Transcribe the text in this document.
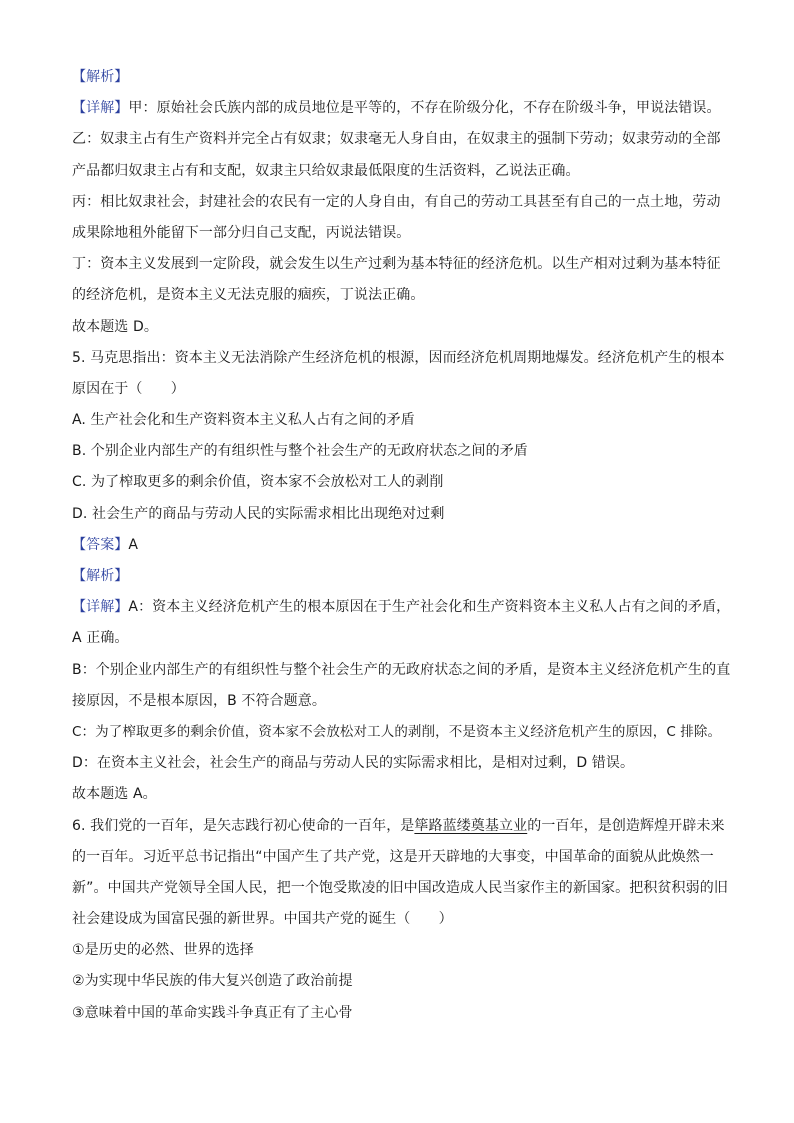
【解析】
【详解】甲：原始社会氏族内部的成员地位是平等的，不存在阶级分化，不存在阶级斗争，甲说法错误。
乙：奴隶主占有生产资料并完全占有奴隶；奴隶毫无人身自由，在奴隶主的强制下劳动；奴隶劳动的全部
产品都归奴隶主占有和支配，奴隶主只给奴隶最低限度的生活资料，乙说法正确。
丙：相比奴隶社会，封建社会的农民有一定的人身自由，有自己的劳动工具甚至有自己的一点土地，劳动
成果除地租外能留下一部分归自己支配，丙说法错误。
丁：资本主义发展到一定阶段，就会发生以生产过剩为基本特征的经济危机。以生产相对过剩为基本特征
的经济危机，是资本主义无法克服的痼疾，丁说法正确。
故本题选 D。
5. 马克思指出：资本主义无法消除产生经济危机的根源，因而经济危机周期地爆发。经济危机产生的根本
原因在于（　　）
A. 生产社会化和生产资料资本主义私人占有之间的矛盾
B. 个别企业内部生产的有组织性与整个社会生产的无政府状态之间的矛盾
C. 为了榨取更多的剩余价值，资本家不会放松对工人的剥削
D. 社会生产的商品与劳动人民的实际需求相比出现绝对过剩
【答案】A
【解析】
【详解】A：资本主义经济危机产生的根本原因在于生产社会化和生产资料资本主义私人占有之间的矛盾，
A 正确。
B：个别企业内部生产的有组织性与整个社会生产的无政府状态之间的矛盾，是资本主义经济危机产生的直
接原因，不是根本原因，B 不符合题意。
C：为了榨取更多的剩余价值，资本家不会放松对工人的剥削，不是资本主义经济危机产生的原因，C 排除。
D：在资本主义社会，社会生产的商品与劳动人民的实际需求相比，是相对过剩，D 错误。
故本题选 A。
6. 我们党的一百年，是矢志践行初心使命的一百年，是筚路蓝缕奠基立业的一百年，是创造辉煌开辟未来
的一百年。习近平总书记指出“中国产生了共产党，这是开天辟地的大事变，中国革命的面貌从此焕然一
新”。中国共产党领导全国人民，把一个饱受欺凌的旧中国改造成人民当家作主的新国家。把积贫积弱的旧
社会建设成为国富民强的新世界。中国共产党的诞生（　　）
①是历史的必然、世界的选择
②为实现中华民族的伟大复兴创造了政治前提
③意味着中国的革命实践斗争真正有了主心骨
